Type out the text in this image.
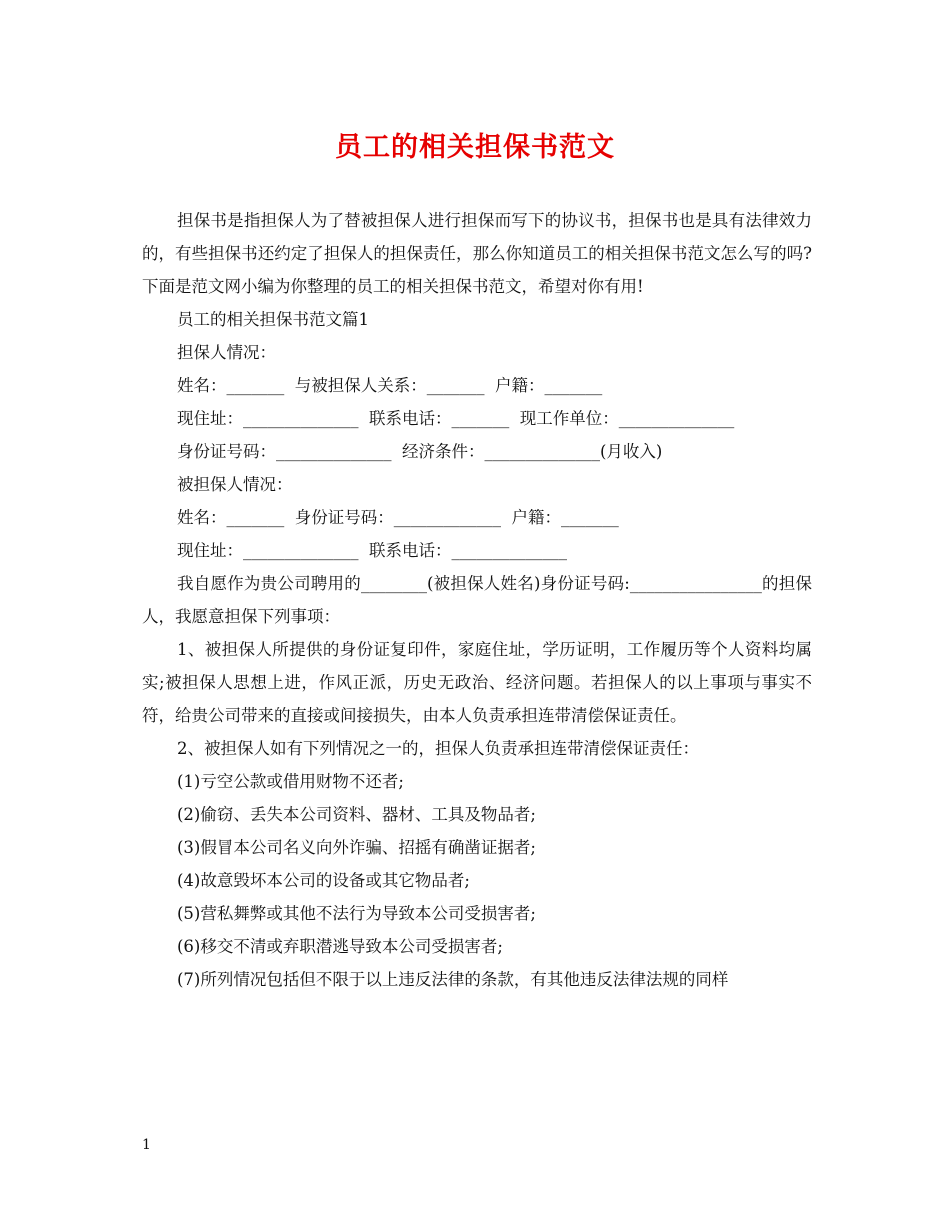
员工的相关担保书范文

担保书是指担保人为了替被担保人进行担保而写下的协议书，担保书也是具有法律效力的，有些担保书还约定了担保人的担保责任，那么你知道员工的相关担保书范文怎么写的吗?下面是范文网小编为你整理的员工的相关担保书范文，希望对你有用!

员工的相关担保书范文篇1

担保人情况：

姓名：_______  与被担保人关系：_______  户籍：_______

现住址：______________  联系电话：_______  现工作单位：______________

身份证号码：______________  经济条件：______________(月收入)

被担保人情况：

姓名：_______  身份证号码：_____________  户籍：_______

现住址：______________  联系电话：______________

我自愿作为贵公司聘用的________(被担保人姓名)身份证号码:________________的担保人，我愿意担保下列事项：

1、被担保人所提供的身份证复印件，家庭住址，学历证明，工作履历等个人资料均属实;被担保人思想上进，作风正派，历史无政治、经济问题。若担保人的以上事项与事实不符，给贵公司带来的直接或间接损失，由本人负责承担连带清偿保证责任。

2、被担保人如有下列情况之一的，担保人负责承担连带清偿保证责任：

(1)亏空公款或借用财物不还者;

(2)偷窃、丢失本公司资料、器材、工具及物品者;

(3)假冒本公司名义向外诈骗、招摇有确凿证据者;

(4)故意毁坏本公司的设备或其它物品者;

(5)营私舞弊或其他不法行为导致本公司受损害者;

(6)移交不清或弃职潜逃导致本公司受损害者;

(7)所列情况包括但不限于以上违反法律的条款，有其他违反法律法规的同样

1
